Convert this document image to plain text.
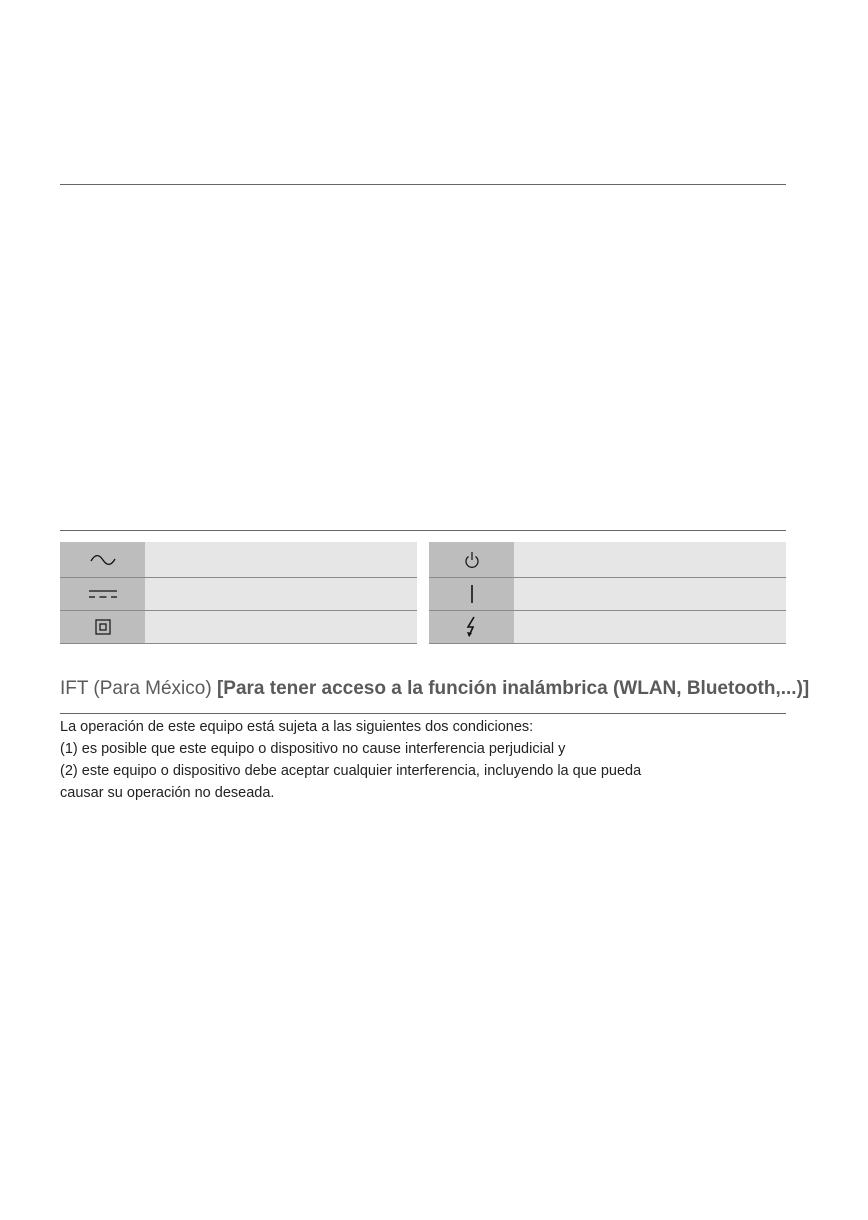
IFT (Para México) [Para tener acceso a la función inalámbrica (WLAN, Bluetooth,...)]

La operación de este equipo está sujeta a las siguientes dos condiciones:

(1) es posible que este equipo o dispositivo no cause interferencia perjudicial y

(2) este equipo o dispositivo debe aceptar cualquier interferencia, incluyendo la que pueda

causar su operación no deseada.
